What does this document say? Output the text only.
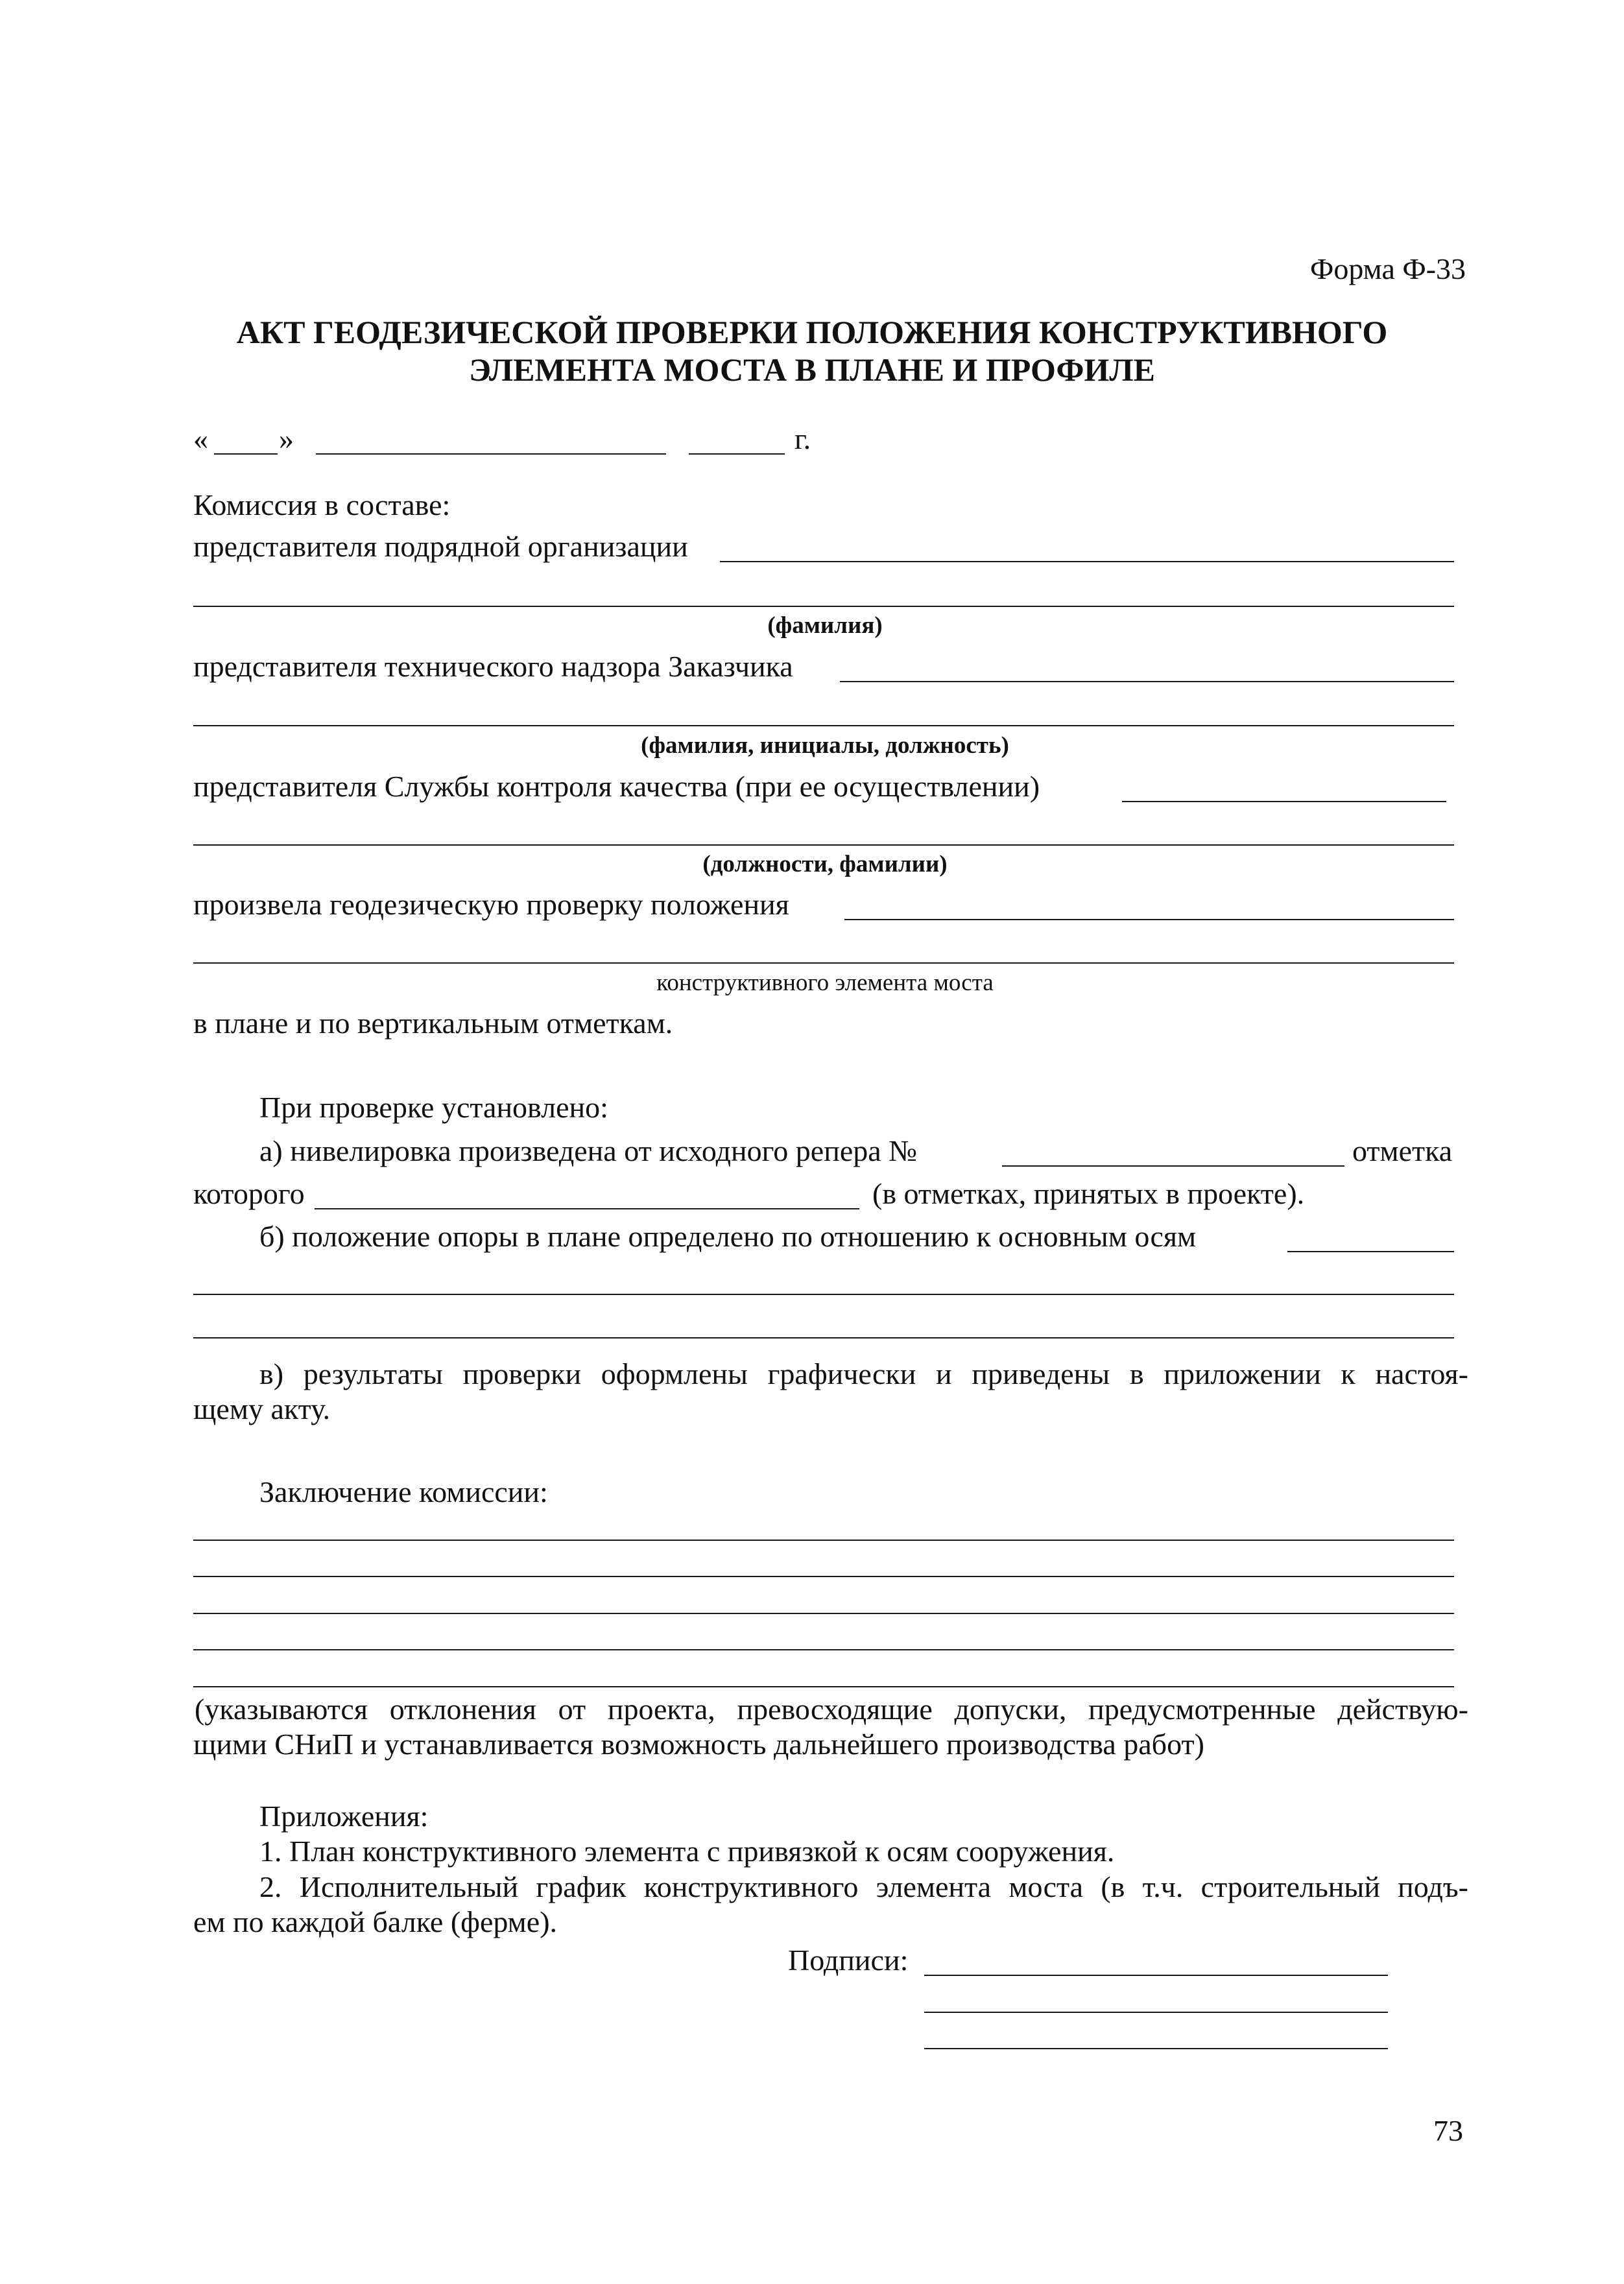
Форма Ф-33
АКТ ГЕОДЕЗИЧЕСКОЙ ПРОВЕРКИ ПОЛОЖЕНИЯ КОНСТРУКТИВНОГО
ЭЛЕМЕНТА МОСТА В ПЛАНЕ И ПРОФИЛЕ
« »	г.
Комиссия в составе:
представителя подрядной организации
(фамилия)
представителя технического надзора Заказчика
(фамилия, инициалы, должность)
представителя Службы контроля качества (при ее осуществлении)
(должности, фамилии)
произвела геодезическую проверку положения
конструктивного элемента моста
в плане и по вертикальным отметкам.
При проверке установлено:
а) нивелировка произведена от исходного репера №	отметка
которого	(в отметках, принятых в проекте).
б) положение опоры в плане определено по отношению к основным осям
в) результаты проверки оформлены графически и приведены в приложении к настоя-
щему акту.
Заключение комиссии:
(указываются отклонения от проекта, превосходящие допуски, предусмотренные действую-
щими СНиП и устанавливается возможность дальнейшего производства работ)
Приложения:
1. План конструктивного элемента с привязкой к осям сооружения.
2. Исполнительный график конструктивного элемента моста (в т.ч. строительный подъ-
ем по каждой балке (ферме).
Подписи:
73
